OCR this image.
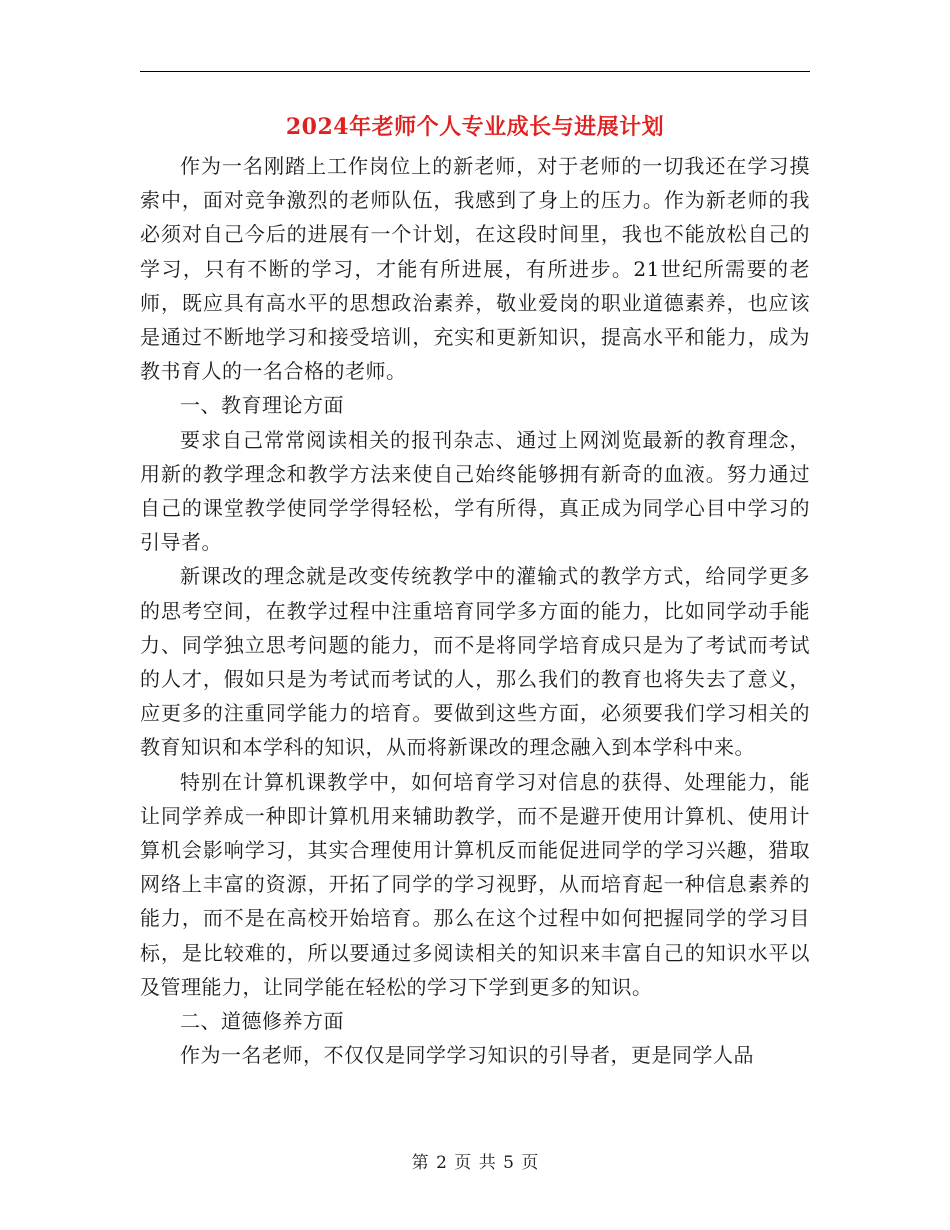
2024年老师个人专业成长与进展计划

作为一名刚踏上工作岗位上的新老师，对于老师的一切我还在学习摸索中，面对竞争激烈的老师队伍，我感到了身上的压力。作为新老师的我必须对自己今后的进展有一个计划，在这段时间里，我也不能放松自己的学习，只有不断的学习，才能有所进展，有所进步。21世纪所需要的老师，既应具有高水平的思想政治素养，敬业爱岗的职业道德素养，也应该是通过不断地学习和接受培训，充实和更新知识，提高水平和能力，成为教书育人的一名合格的老师。

一、教育理论方面

要求自己常常阅读相关的报刊杂志、通过上网浏览最新的教育理念，用新的教学理念和教学方法来使自己始终能够拥有新奇的血液。努力通过自己的课堂教学使同学学得轻松，学有所得，真正成为同学心目中学习的引导者。

新课改的理念就是改变传统教学中的灌输式的教学方式，给同学更多的思考空间，在教学过程中注重培育同学多方面的能力，比如同学动手能力、同学独立思考问题的能力，而不是将同学培育成只是为了考试而考试的人才，假如只是为考试而考试的人，那么我们的教育也将失去了意义，应更多的注重同学能力的培育。要做到这些方面，必须要我们学习相关的教育知识和本学科的知识，从而将新课改的理念融入到本学科中来。

特别在计算机课教学中，如何培育学习对信息的获得、处理能力，能让同学养成一种即计算机用来辅助教学，而不是避开使用计算机、使用计算机会影响学习，其实合理使用计算机反而能促进同学的学习兴趣，猎取网络上丰富的资源，开拓了同学的学习视野，从而培育起一种信息素养的能力，而不是在高校开始培育。那么在这个过程中如何把握同学的学习目标，是比较难的，所以要通过多阅读相关的知识来丰富自己的知识水平以及管理能力，让同学能在轻松的学习下学到更多的知识。

二、道德修养方面

作为一名老师，不仅仅是同学学习知识的引导者，更是同学人品

第 2 页 共 5 页
